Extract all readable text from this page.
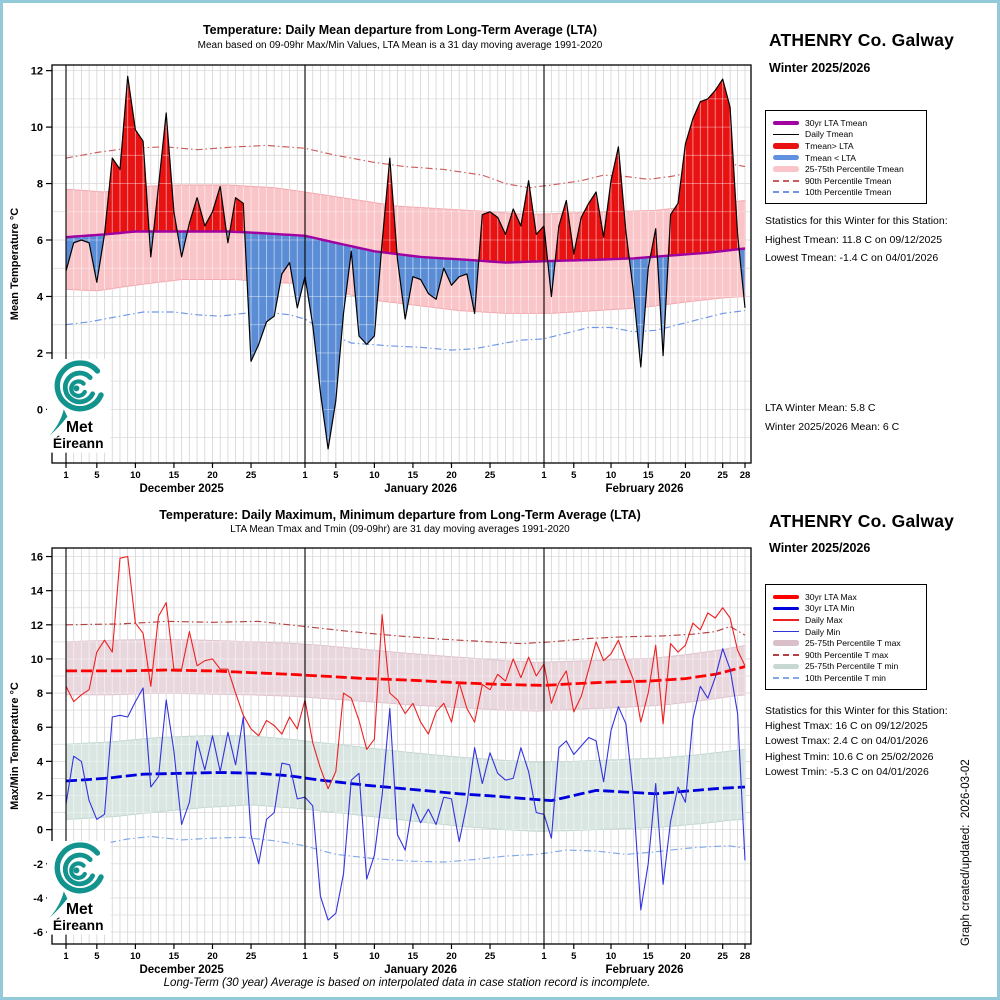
0
2
4
6
8
10
12
1	5	10	15	20	25
December 2025
1	5	10	15	20	25
January 2026
1	5	10	15	20	25 28
February 2026
Mean Temperature °C
-6
-4
-2
0
2
4
6
8
10
12
14
16
1	5	10	15	20	25
December 2025
1	5	10	15	20	25
January 2026
1	5	10	15	20	25 28
February 2026
Max/Min Temperature °C
Met
Éireann
Met
Éireann
Temperature: Daily Mean departure from Long-Term Average (LTA)
Mean based on 09-09hr Max/Min Values, LTA Mean is a 31 day moving average 1991-2020	ATHENRY Co. Galway
Winter 2025/2026
30yr LTA Tmean
Daily Tmean
Tmean> LTA
Tmean < LTA
25-75th Percentile Tmean
90th Percentile Tmean
10th Percentile Tmean
Statistics for this Winter for this Station:
Highest Tmean: 11.8 C on 09/12/2025
Lowest Tmean: -1.4 C on 04/01/2026
LTA Winter Mean: 5.8 C
Winter 2025/2026 Mean: 6 C
Temperature: Daily Maximum, Minimum departure from Long-Term Average (LTA)
LTA Mean Tmax and Tmin (09-09hr) are 31 day moving averages 1991-2020	ATHENRY Co. Galway
Winter 2025/2026
30yr LTA Max
30yr LTA Min
Daily Max
Daily Min
25-75th Percentile T max
90th Percentile T max
25-75th Percentile T min
10th Percentile T min
Statistics for this Winter for this Station:
Highest Tmax: 16 C on 09/12/2025
Lowest Tmax: 2.4 C on 04/01/2026
Highest Tmin: 10.6 C on 25/02/2026
Lowest Tmin: -5.3 C on 04/01/2026	Graph created/updated:  2026-03-02
Long-Term (30 year) Average is based on interpolated data in case station record is incomplete.
